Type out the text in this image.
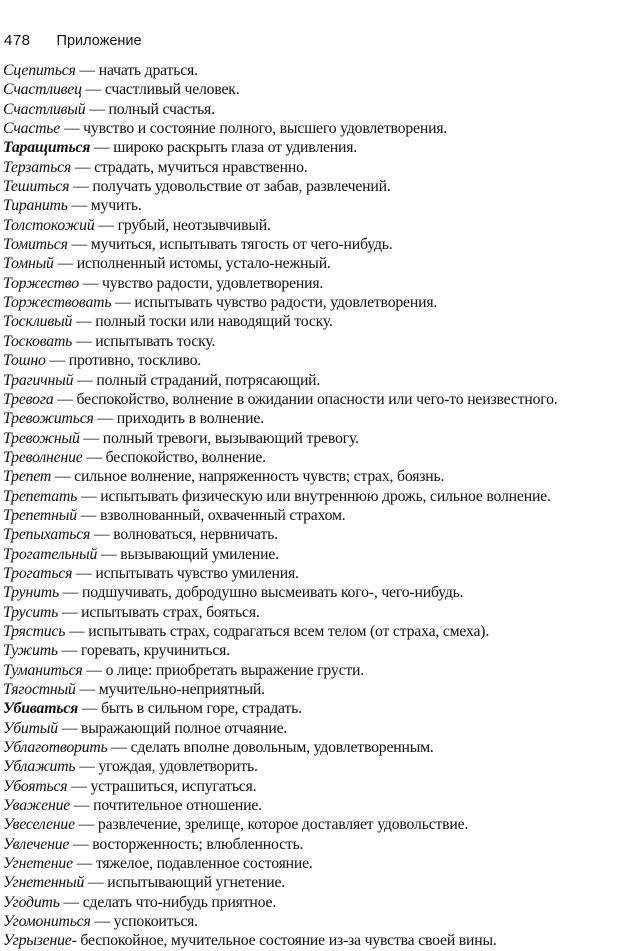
478 Приложение
Сцепиться — начать драться.
Счастливец — счастливый человек.
Счастливый — полный счастья.
Счастье — чувство и состояние полного, высшего удовлетворения.
Таращиться — широко раскрыть глаза от удивления.
Терзаться — страдать, мучиться нравственно.
Тешиться — получать удовольствие от забав, развлечений.
Тиранить — мучить.
Толстокожий — грубый, неотзывчивый.
Томиться — мучиться, испытывать тягость от чего-нибудь.
Томный — исполненный истомы, устало-нежный.
Торжество — чувство радости, удовлетворения.
Торжествовать — испытывать чувство радости, удовлетворения.
Тоскливый — полный тоски или наводящий тоску.
Тосковать — испытывать тоску.
Тошно — противно, тоскливо.
Трагичный — полный страданий, потрясающий.
Тревога — беспокойство, волнение в ожидании опасности или чего-то неизвестного.
Тревожиться — приходить в волнение.
Тревожный — полный тревоги, вызывающий тревогу.
Треволнение — беспокойство, волнение.
Трепет — сильное волнение, напряженность чувств; страх, боязнь.
Трепетать — испытывать физическую или внутреннюю дрожь, сильное волнение.
Трепетный — взволнованный, охваченный страхом.
Трепыхаться — волноваться, нервничать.
Трогательный — вызывающий умиление.
Трогаться — испытывать чувство умиления.
Трунить — подшучивать, добродушно высмеивать кого-, чего-нибудь.
Трусить — испытывать страх, бояться.
Трястись — испытывать страх, содрагаться всем телом (от страха, смеха).
Тужить — горевать, кручиниться.
Туманиться — о лице: приобретать выражение грусти.
Тягостный — мучительно-неприятный.
Убиваться — быть в сильном горе, страдать.
Убитый — выражающий полное отчаяние.
Ублаготворить — сделать вполне довольным, удовлетворенным.
Ублажить — угождая, удовлетворить.
Убояться — устрашиться, испугаться.
Уважение — почтительное отношение.
Увеселение — развлечение, зрелище, которое доставляет удовольствие.
Увлечение — восторженность; влюбленность.
Угнетение — тяжелое, подавленное состояние.
Угнетенный — испытывающий угнетение.
Угодить — сделать что-нибудь приятное.
Угомониться — успокоиться.
Угрызение- беспокойное, мучительное состояние из-за чувства своей вины.
